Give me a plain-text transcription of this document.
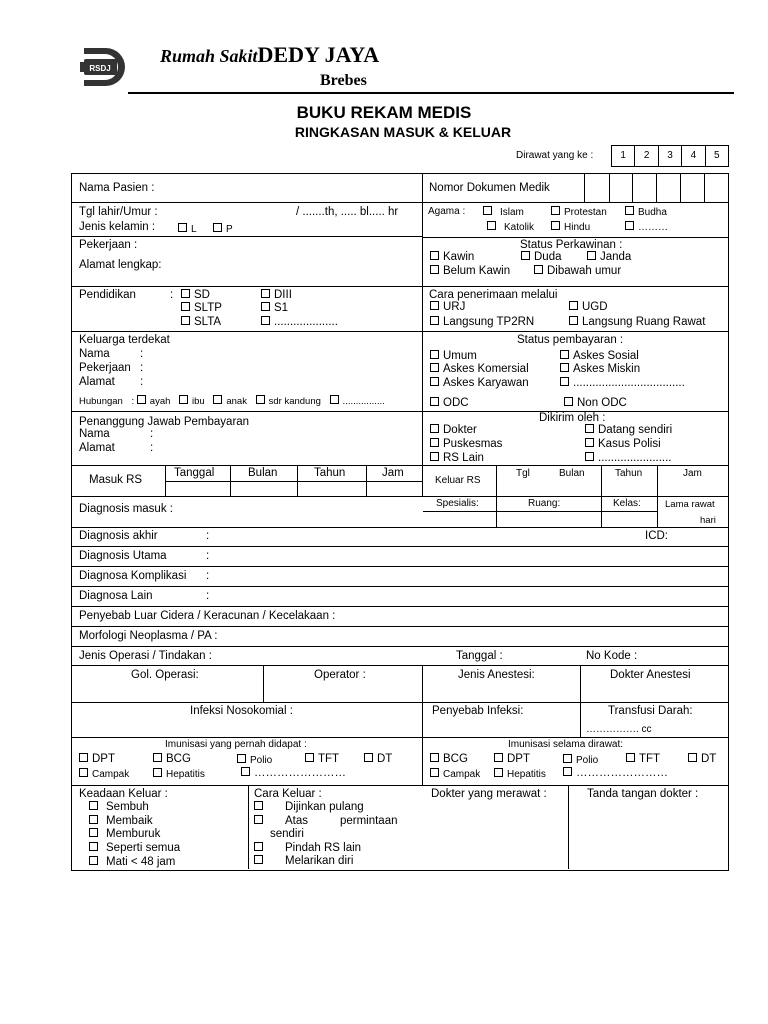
RSDJ
Rumah SakitDEDY JAYA
Brebes
BUKU REKAM MEDIS
RINGKASAN MASUK & KELUAR
Dirawat yang ke :	1	2	3	4	5
Nama Pasien :	Nomor Dokumen Medik
Tgl lahir/Umur :	/ .......th, ..... bl..... hr
Jenis kelamin :	L	P
Agama :	Islam	Protestan	Budha
Katolik	Hindu	………
Pekerjaan :
Alamat lengkap:
Status Perkawinan :
Kawin	Duda	Janda
Belum Kawin	Dibawah umur
Pendidikan	:	SD	DIII
SLTP	S1
SLTA	....................
Cara penerimaan melalui
URJ	UGD
Langsung TP2RN	Langsung Ruang Rawat
Keluarga terdekat
Nama	:
Pekerjaan :
Alamat :
Hubungan : ayah ibu anak sdr kandung ................
Status pembayaran :
Umum	Askes Sosial
Askes Komersial	Askes Miskin
Askes Karyawan	...................................
ODC	Non ODC
Penanggung Jawab Pembayaran
Nama	:
Alamat	:
Dikirim oleh :
Dokter	Datang sendiri
Puskesmas	Kasus Polisi
RS Lain	.......................
Masuk RS
Tanggal	Bulan	Tahun	Jam
Keluar RS
Tgl	Bulan	Tahun	Jam
Diagnosis masuk :	Spesialis:	Ruang:	Kelas:	Lama rawat
hari
Diagnosis akhir	:	ICD:
Diagnosis Utama	:
Diagnosa Komplikasi :
Diagnosa Lain	:
Penyebab Luar Cidera / Keracunan / Kecelakaan :
Morfologi Neoplasma / PA :
Jenis Operasi / Tindakan :	Tanggal :	No Kode :
Gol. Operasi:	Operator :	Jenis Anestesi:	Dokter Anestesi
Infeksi Nosokomial :	Penyebab Infeksi:	Transfusi Darah:
……………. cc
Imunisasi yang pernah didapat :
DPT	BCG	Polio	TFT	DT
Campak	Hepatitis	……………………
Imunisasi selama dirawat:
BCG	DPT	Polio	TFT	DT
Campak	Hepatitis	……………………
Keadaan Keluar :
Sembuh
Membaik
Memburuk
Seperti semua
Mati < 48 jam
Cara Keluar :
Dijinkan pulang
Atas          permintaan
sendiri
Pindah RS lain
Melarikan diri
Dokter yang merawat :	Tanda tangan dokter :
